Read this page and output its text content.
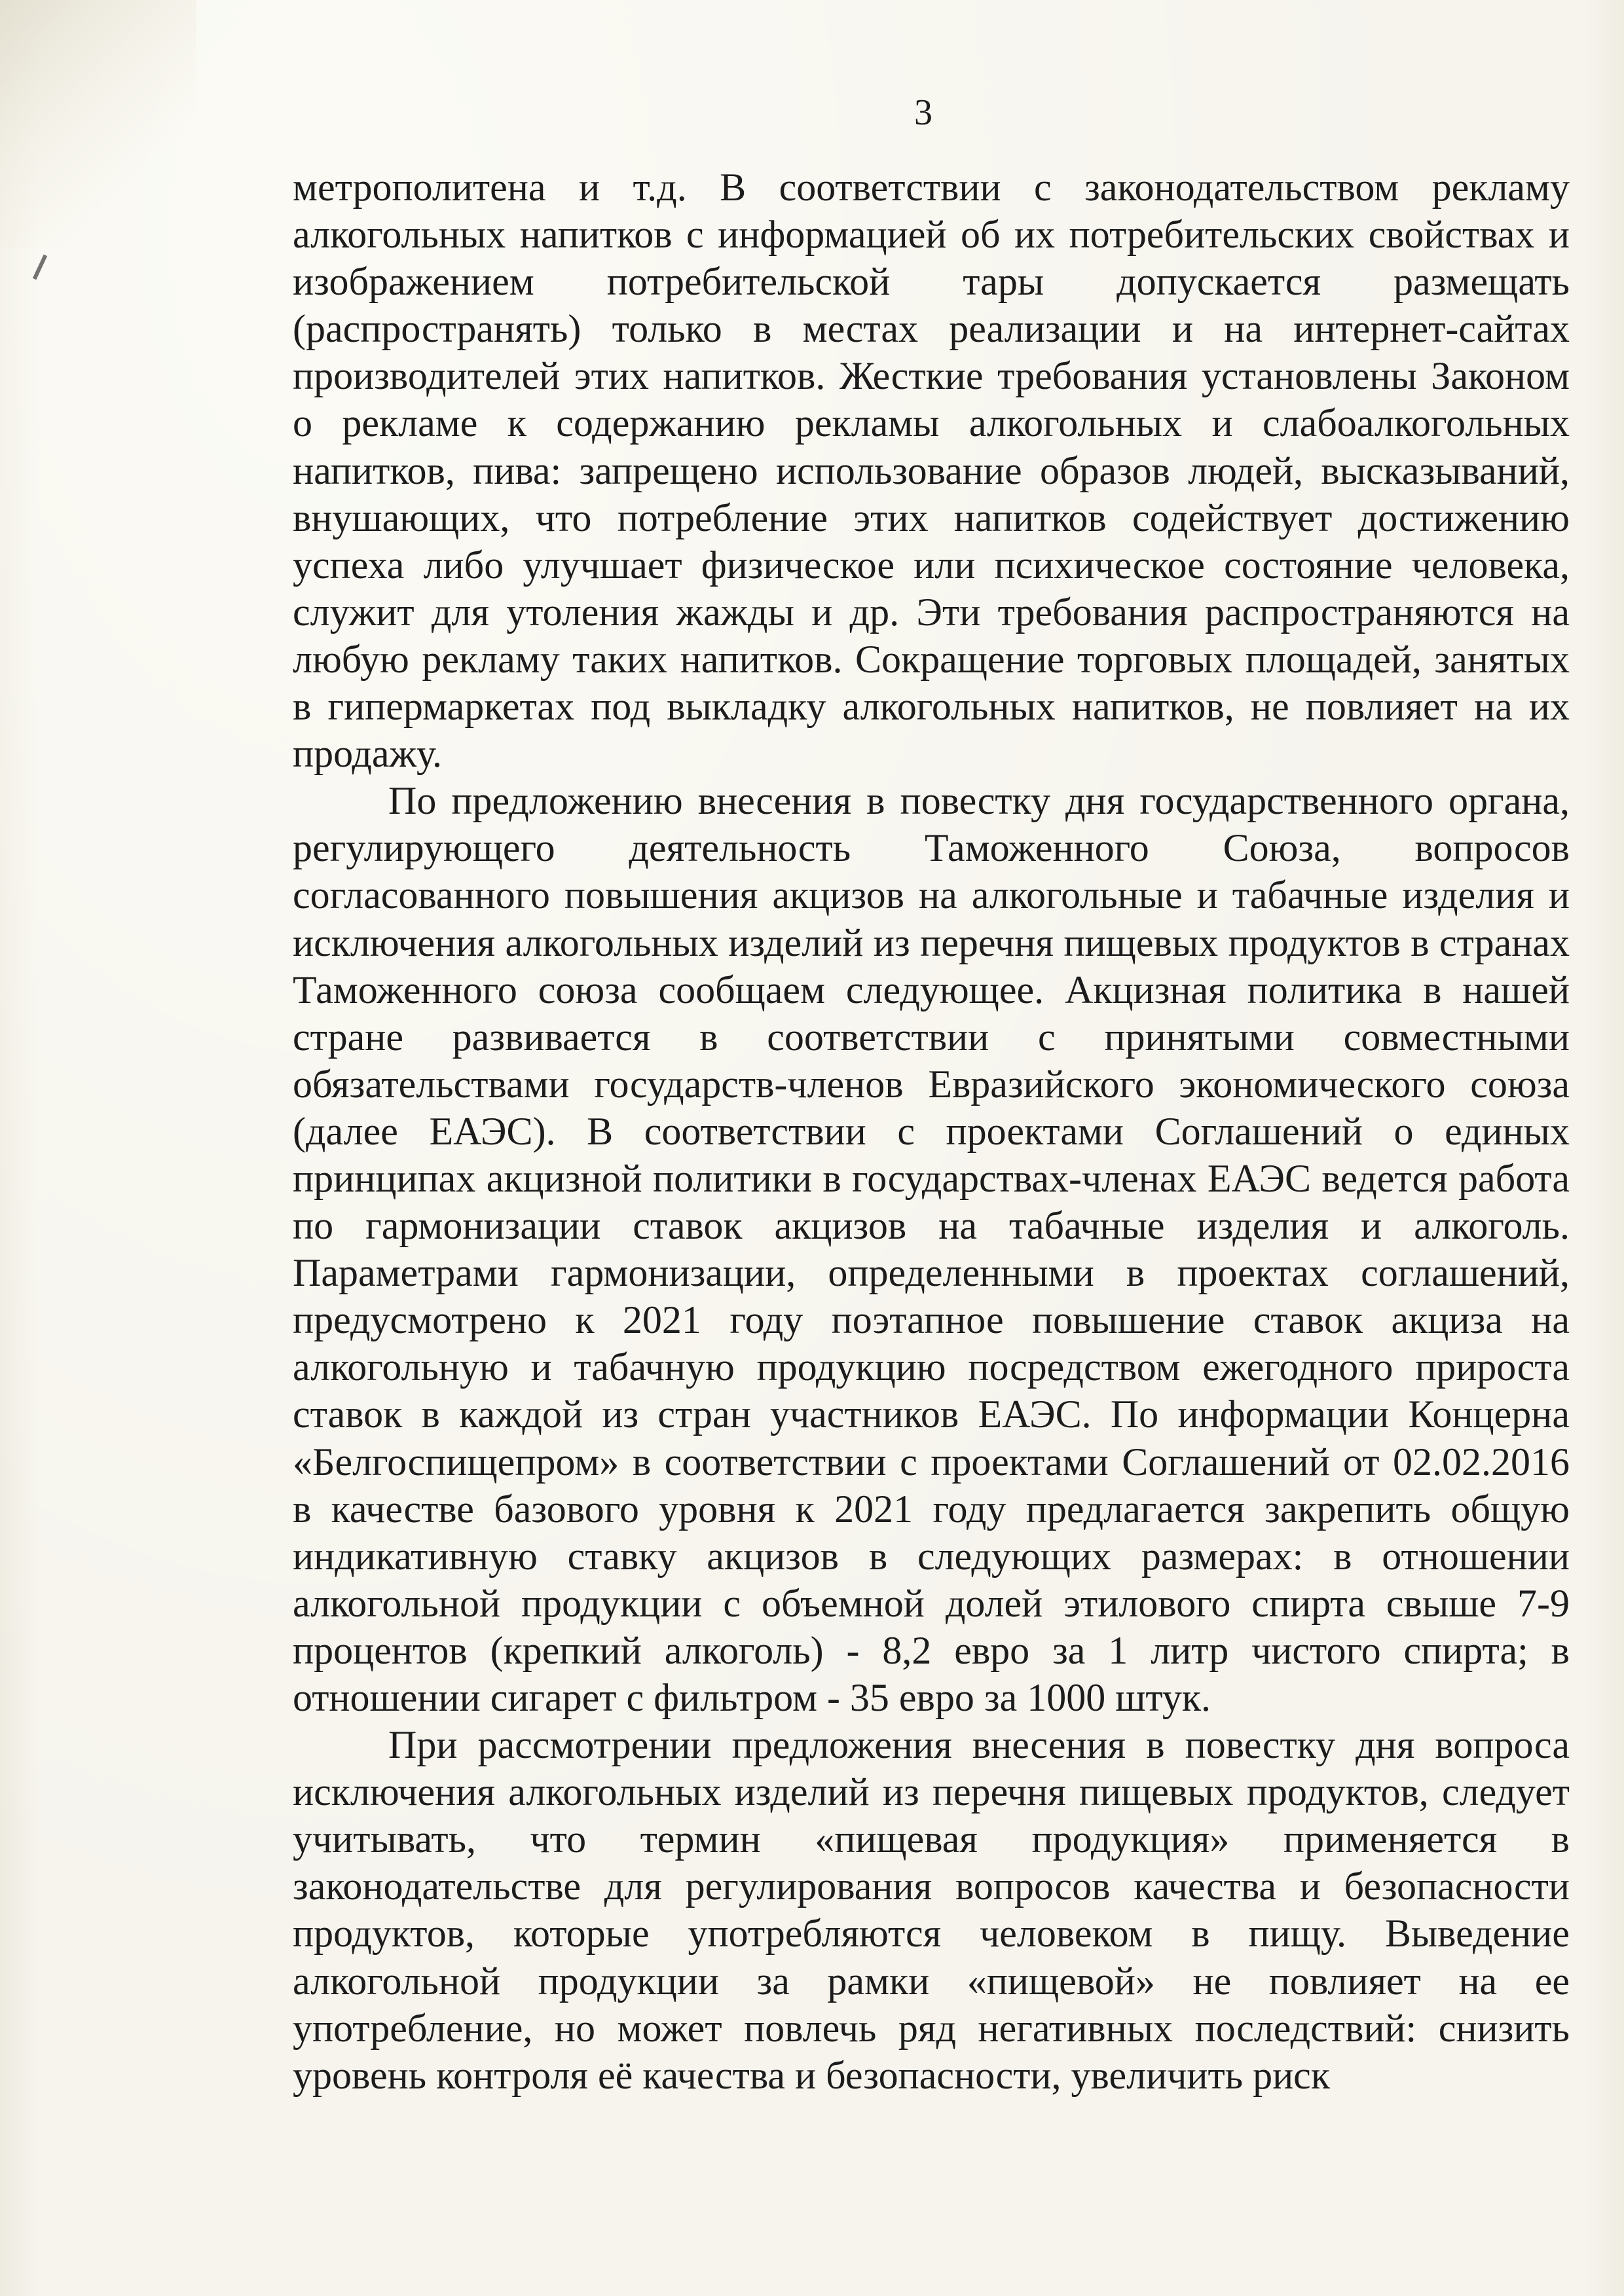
3

метрополитена и т.д. В соответствии с законодательством рекламу алкогольных напитков с информацией об их потребительских свойствах и изображением потребительской тары допускается размещать (распространять) только в местах реализации и на интернет-сайтах производителей этих напитков. Жесткие требования установлены Законом о рекламе к содержанию рекламы алкогольных и слабоалкогольных напитков, пива: запрещено использование образов людей, высказываний, внушающих, что потребление этих напитков содействует достижению успеха либо улучшает физическое или психическое состояние человека, служит для утоления жажды и др. Эти требования распространяются на любую рекламу таких напитков. Сокращение торговых площадей, занятых в гипермаркетах под выкладку алкогольных напитков, не повлияет на их продажу.

По предложению внесения в повестку дня государственного органа, регулирующего деятельность Таможенного Союза, вопросов согласованного повышения акцизов на алкогольные и табачные изделия и исключения алкогольных изделий из перечня пищевых продуктов в странах Таможенного союза сообщаем следующее. Акцизная политика в нашей стране развивается в соответствии с принятыми совместными обязательствами государств-членов Евразийского экономического союза (далее ЕАЭС). В соответствии с проектами Соглашений о единых принципах акцизной политики в государствах-членах ЕАЭС ведется работа по гармонизации ставок акцизов на табачные изделия и алкоголь. Параметрами гармонизации, определенными в проектах соглашений, предусмотрено к 2021 году поэтапное повышение ставок акциза на алкогольную и табачную продукцию посредством ежегодного прироста ставок в каждой из стран участников ЕАЭС. По информации Концерна «Белгоспищепром» в соответствии с проектами Соглашений от 02.02.2016 в качестве базового уровня к 2021 году предлагается закрепить общую индикативную ставку акцизов в следующих размерах: в отношении алкогольной продукции с объемной долей этилового спирта свыше 7-9 процентов (крепкий алкоголь) - 8,2 евро за 1 литр чистого спирта; в отношении сигарет с фильтром - 35 евро за 1000 штук.

При рассмотрении предложения внесения в повестку дня вопроса исключения алкогольных изделий из перечня пищевых продуктов, следует учитывать, что термин «пищевая продукция» применяется в законодательстве для регулирования вопросов качества и безопасности продуктов, которые употребляются человеком в пищу. Выведение алкогольной продукции за рамки «пищевой» не повлияет на ее употребление, но может повлечь ряд негативных последствий: снизить уровень контроля её качества и безопасности, увеличить риск
